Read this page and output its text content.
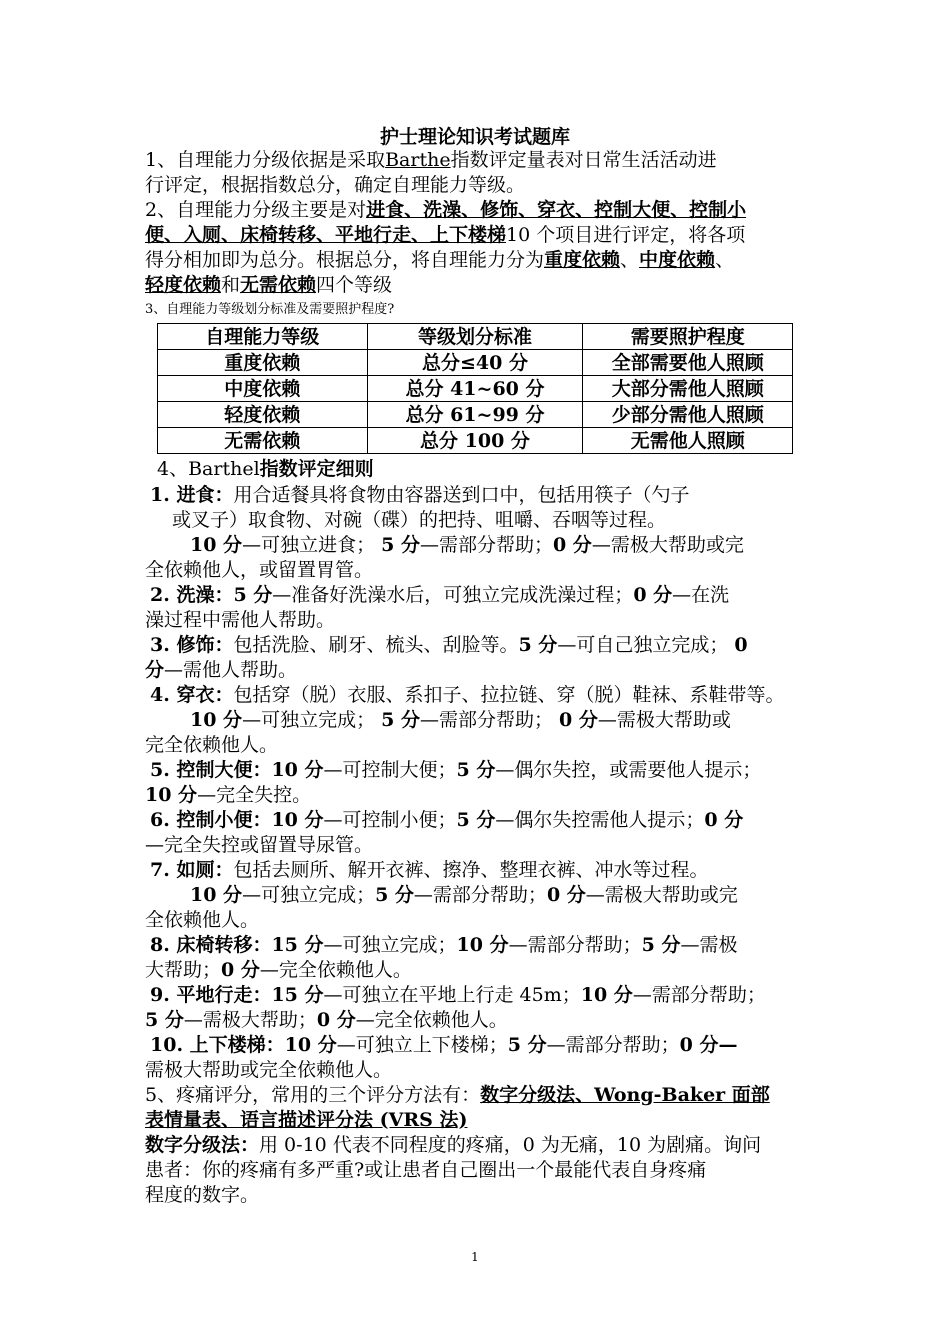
护士理论知识考试题库
1、自理能力分级依据是采取Barthe指数评定量表对日常生活活动进
行评定，根据指数总分，确定自理能力等级。
2、自理能力分级主要是对进食、洗澡、修饰、穿衣、控制大便、控制小
便、入厕、床椅转移、平地行走、上下楼梯10 个项目进行评定，将各项
得分相加即为总分。根据总分，将自理能力分为重度依赖、中度依赖、
轻度依赖和无需依赖四个等级
3、自理能力等级划分标准及需要照护程度?
自理能力等级	等级划分标准	需要照护程度
重度依赖	总分≤40 分	全部需要他人照顾
中度依赖	总分 41~60 分	大部分需他人照顾
轻度依赖	总分 61~99 分	少部分需他人照顾
无需依赖	总分 100 分	无需他人照顾
4、Barthel指数评定细则
1. 进食：用合适餐具将食物由容器送到口中，包括用筷子（勺子
或叉子）取食物、对碗（碟）的把持、咀嚼、吞咽等过程。
10 分—可独立进食； 5 分—需部分帮助；0 分—需极大帮助或完
全依赖他人，或留置胃管。
2. 洗澡：5 分—准备好洗澡水后，可独立完成洗澡过程；0 分—在洗
澡过程中需他人帮助。
3. 修饰：包括洗脸、刷牙、梳头、刮脸等。5 分—可自己独立完成； 0
分—需他人帮助。
4. 穿衣：包括穿（脱）衣服、系扣子、拉拉链、穿（脱）鞋袜、系鞋带等。
10 分—可独立完成； 5 分—需部分帮助； 0 分—需极大帮助或
完全依赖他人。
5. 控制大便：10 分—可控制大便；5 分—偶尔失控，或需要他人提示；
10 分—完全失控。
6. 控制小便：10 分—可控制小便；5 分—偶尔失控需他人提示；0 分
—完全失控或留置导尿管。
7. 如厕：包括去厕所、解开衣裤、擦净、整理衣裤、冲水等过程。
10 分—可独立完成；5 分—需部分帮助；0 分—需极大帮助或完
全依赖他人。
8. 床椅转移：15 分—可独立完成；10 分—需部分帮助；5 分—需极
大帮助；0 分—完全依赖他人。
9. 平地行走：15 分—可独立在平地上行走 45m；10 分—需部分帮助；
5 分—需极大帮助；0 分—完全依赖他人。
10. 上下楼梯：10 分—可独立上下楼梯；5 分—需部分帮助；0 分—
需极大帮助或完全依赖他人。
5、疼痛评分，常用的三个评分方法有：数字分级法、Wong-Baker 面部
表情量表、语言描述评分法 (VRS 法)
数字分级法：用 0-10 代表不同程度的疼痛，0 为无痛，10 为剧痛。询问
患者：你的疼痛有多严重?或让患者自己圈出一个最能代表自身疼痛
程度的数字。
1
